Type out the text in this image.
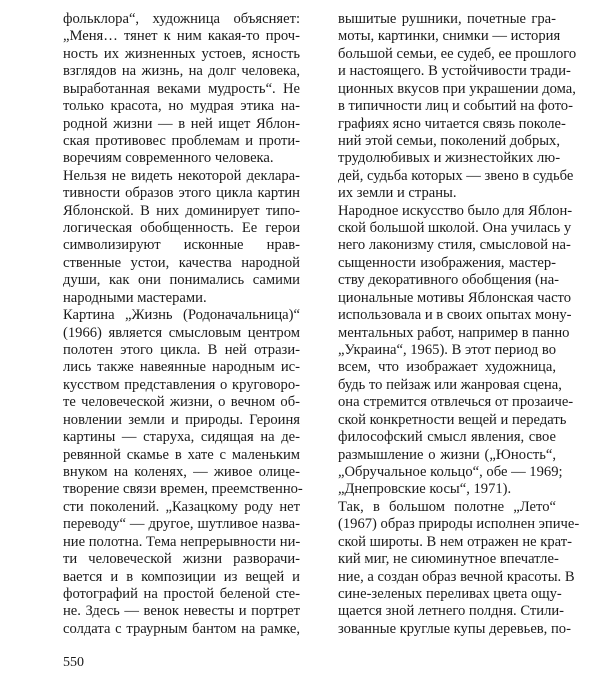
фольклора“, художница объясняет:
„Меня… тянет к ним какая-то проч-
ность их жизненных устоев, ясность
взглядов на жизнь, на долг человека,
выработанная веками мудрость“. Не
только красота, но мудрая этика на-
родной жизни — в ней ищет Яблон-
ская противовес проблемам и проти-
воречиям современного человека.
Нельзя не видеть некоторой деклара-
тивности образов этого цикла картин
Яблонской. В них доминирует типо-
логическая обобщенность. Ее герои
символизируют исконные нрав-
ственные устои, качества народной
души, как они понимались самими
народными мастерами.
Картина „Жизнь (Родоначальница)“
(1966) является смысловым центром
полотен этого цикла. В ней отрази-
лись также навеянные народным ис-
кусством представления о круговоро-
те человеческой жизни, о вечном об-
новлении земли и природы. Героиня
картины — старуха, сидящая на де-
ревянной скамье в хате с маленьким
внуком на коленях, — живое олице-
творение связи времен, преемственно-
сти поколений. „Казацкому роду нет
переводу“ — другое, шутливое назва-
ние полотна. Тема непрерывности ни-
ти человеческой жизни разворачи-
вается и в композиции из вещей и
фотографий на простой беленой сте-
не. Здесь — венок невесты и портрет
солдата с траурным бантом на рамке,
вышитые рушники, почетные гра-
моты, картинки, снимки — история
большой семьи, ее судеб, ее прошлого
и настоящего. В устойчивости тради-
ционных вкусов при украшении дома,
в типичности лиц и событий на фото-
графиях ясно читается связь поколе-
ний этой семьи, поколений добрых,
трудолюбивых и жизнестойких лю-
дей, судьба которых — звено в судьбе
их земли и страны.
Народное искусство было для Яблон-
ской большой школой. Она училась у
него лаконизму стиля, смысловой на-
сыщенности изображения, мастер-
ству декоративного обобщения (на-
циональные мотивы Яблонская часто
использовала и в своих опытах мону-
ментальных работ, например в панно
„Украина“, 1965). В этот период во
всем, что изображает художница,
будь то пейзаж или жанровая сцена,
она стремится отвлечься от прозаиче-
ской конкретности вещей и передать
философский смысл явления, свое
размышление о жизни („Юность“,
„Обручальное кольцо“, обе — 1969;
„Днепровские косы“, 1971).
Так, в большом полотне „Лето“
(1967) образ природы исполнен эпиче-
ской широты. В нем отражен не крат-
кий миг, не сиюминутное впечатле-
ние, а создан образ вечной красоты. В
сине-зеленых переливах цвета ощу-
щается зной летнего полдня. Стили-
зованные круглые купы деревьев, по-
550
